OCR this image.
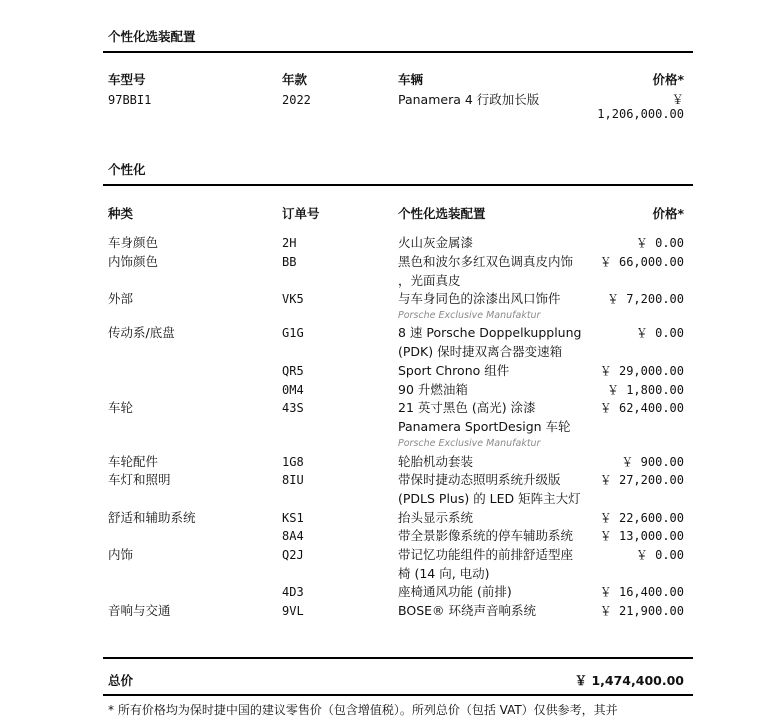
个性化选装配置
车型号	年款	车辆	价格*
97BBI1	2022	Panamera 4 行政加长版	￥
1,206,000.00
个性化
种类	订单号	个性化选装配置	价格*
车身颜色	2H	火山灰金属漆	￥ 0.00
内饰颜色	BB	黑色和波尔多红双色调真皮内饰
，光面真皮
￥ 66,000.00
外部	VK5	与车身同色的涂漆出风口饰件
Porsche Exclusive Manufaktur
￥ 7,200.00
传动系/底盘	G1G	8 速 Porsche Doppelkupplung
(PDK) 保时捷双离合器变速箱
￥ 0.00
QR5	Sport Chrono 组件	￥ 29,000.00
0M4	90 升燃油箱	￥ 1,800.00
车轮	43S	21 英寸黑色 (高光) 涂漆
Panamera SportDesign 车轮
Porsche Exclusive Manufaktur
￥ 62,400.00
车轮配件	1G8	轮胎机动套装	￥ 900.00
车灯和照明	8IU	带保时捷动态照明系统升级版
(PDLS Plus) 的 LED 矩阵主大灯
￥ 27,200.00
舒适和辅助系统	KS1	抬头显示系统	￥ 22,600.00
8A4	带全景影像系统的停车辅助系统 ￥ 13,000.00
内饰	Q2J	带记忆功能组件的前排舒适型座
椅 (14 向, 电动)
￥ 0.00
4D3	座椅通风功能 (前排)	￥ 16,400.00
音响与交通	9VL	BOSE® 环绕声音响系统	￥ 21,900.00
总价	￥ 1,474,400.00
* 所有价格均为保时捷中国的建议零售价（包含增值税）。所列总价（包括 VAT）仅供参考，其并
